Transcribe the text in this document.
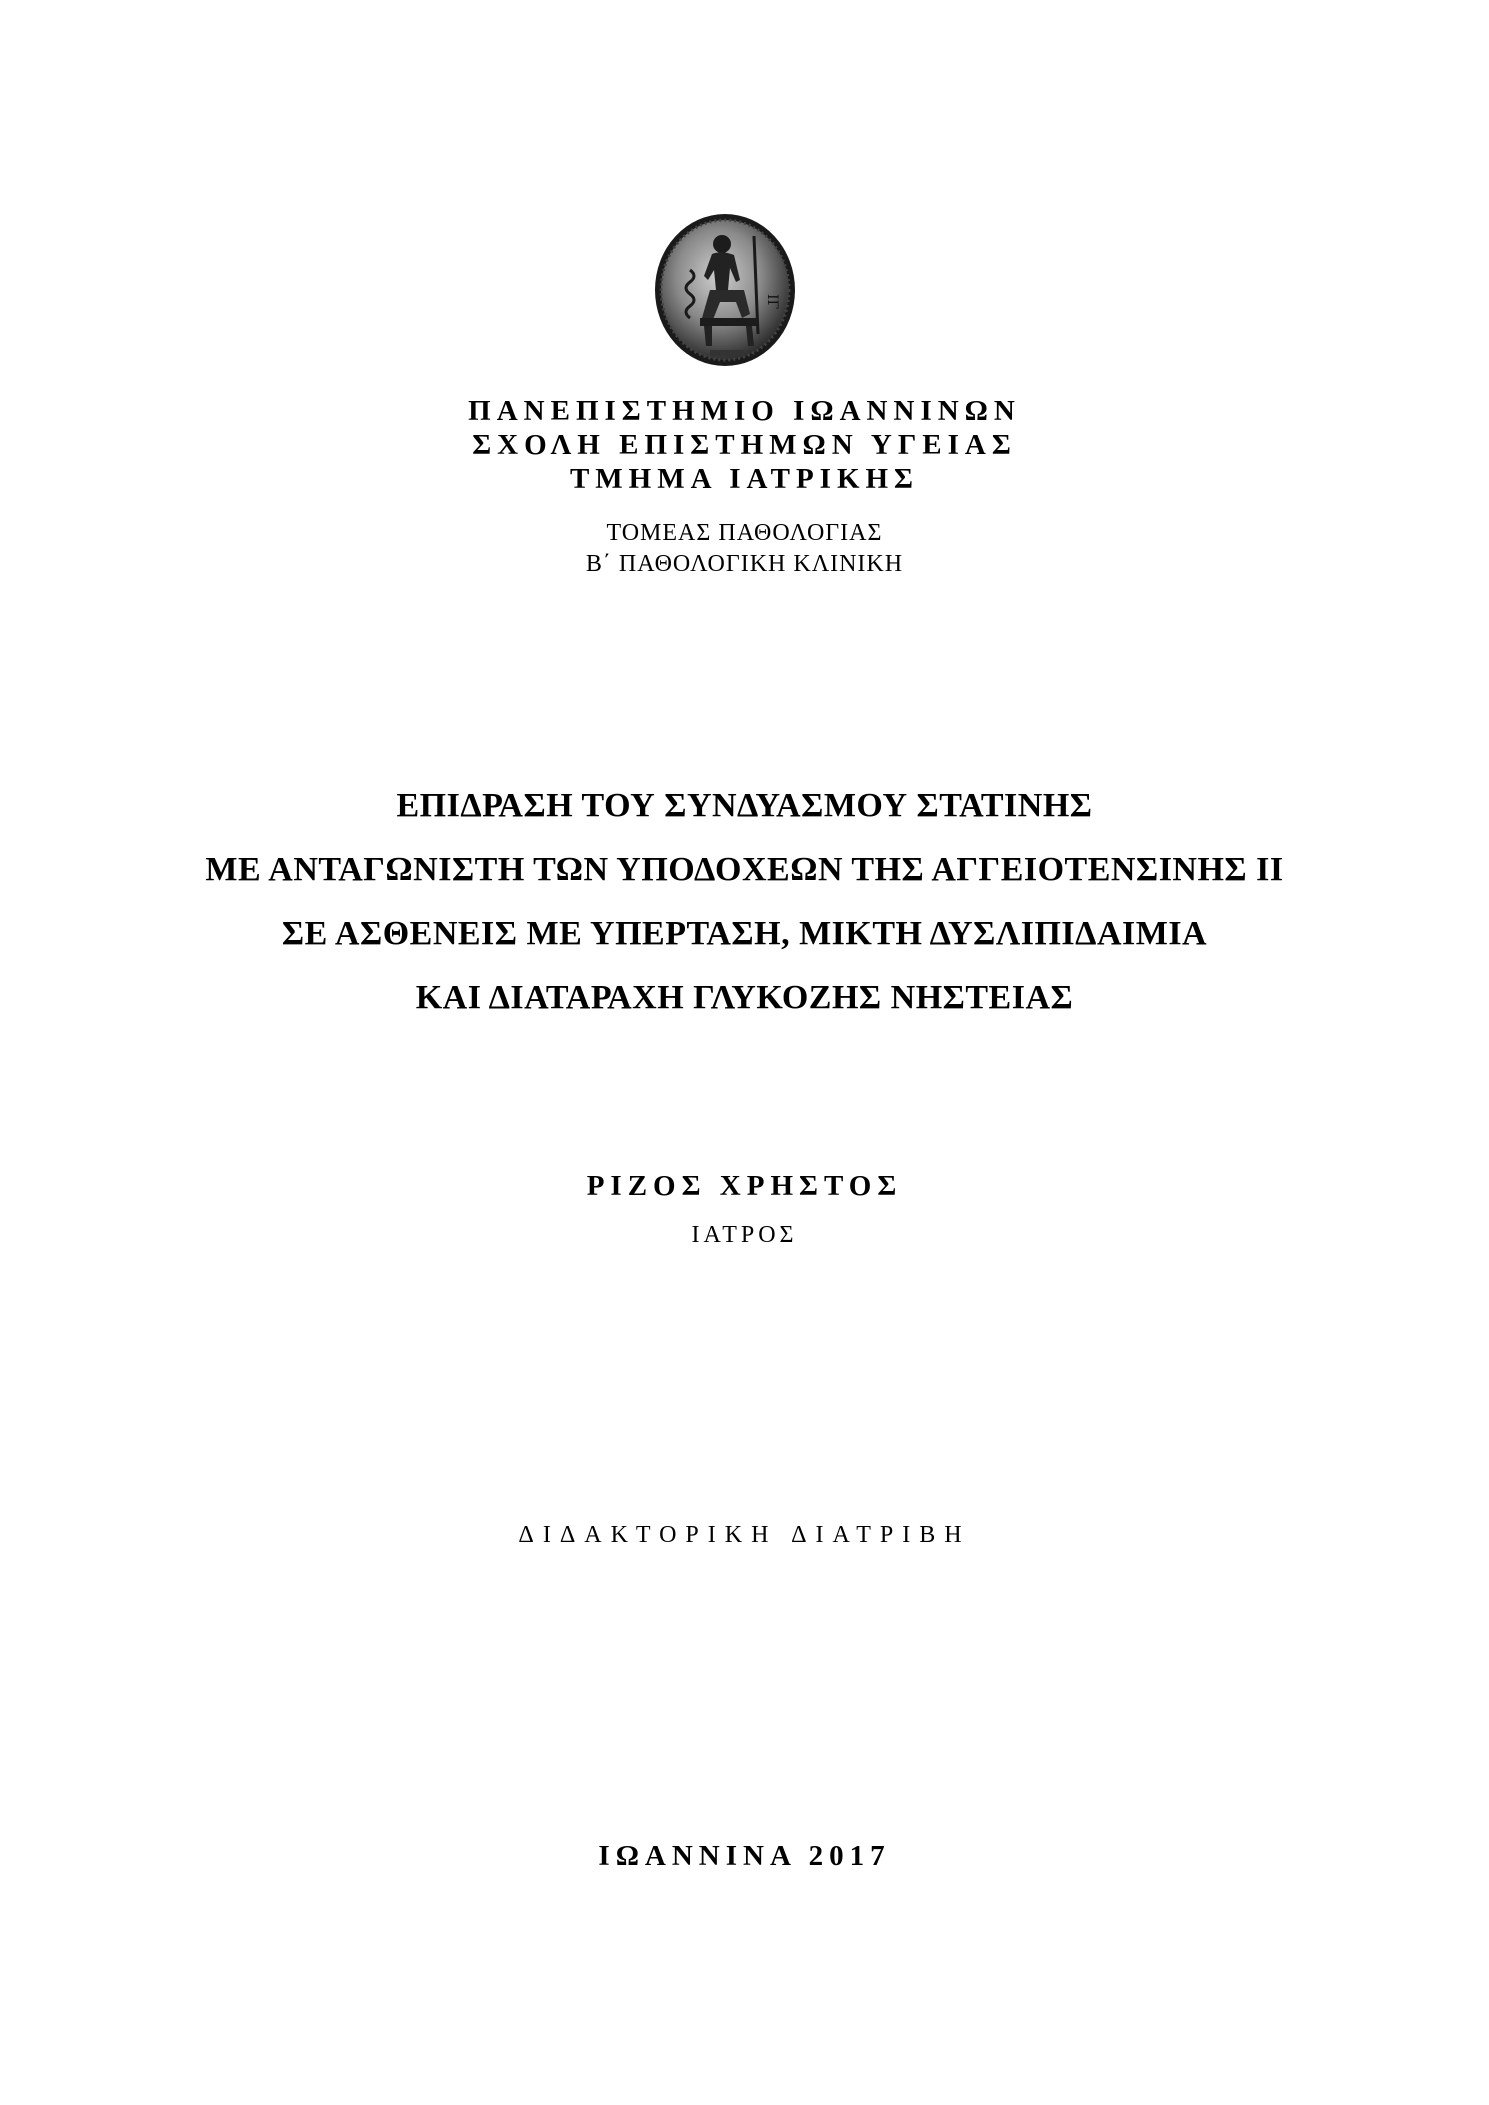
ΙΓ
ΠΑΝΕΠΙΣΤΗΜΙΟ ΙΩΑΝΝΙΝΩΝ
ΣΧΟΛΗ ΕΠΙΣΤΗΜΩΝ ΥΓΕΙΑΣ
ΤΜΗΜΑ ΙΑΤΡΙΚΗΣ
ΤΟΜΕΑΣ ΠΑΘΟΛΟΓΙΑΣ
Β΄ ΠΑΘΟΛΟΓΙΚΗ ΚΛΙΝΙΚΗ
ΕΠΙΔΡΑΣΗ ΤΟΥ ΣΥΝΔΥΑΣΜΟΥ ΣΤΑΤΙΝΗΣ
ΜΕ ΑΝΤΑΓΩΝΙΣΤΗ ΤΩΝ ΥΠΟΔΟΧΕΩΝ ΤΗΣ ΑΓΓΕΙΟΤΕΝΣΙΝΗΣ ΙΙ
ΣΕ ΑΣΘΕΝΕΙΣ ΜΕ ΥΠΕΡΤΑΣΗ, ΜΙΚΤΗ ΔΥΣΛΙΠΙΔΑΙΜΙΑ
ΚΑΙ ΔΙΑΤΑΡΑΧΗ ΓΛΥΚΟΖΗΣ ΝΗΣΤΕΙΑΣ
ΡΙΖΟΣ ΧΡΗΣΤΟΣ
ΙΑΤΡΟΣ
ΔΙΔΑΚΤΟΡΙΚΗ ΔΙΑΤΡΙΒΗ
ΙΩΑΝΝΙΝΑ 2017
